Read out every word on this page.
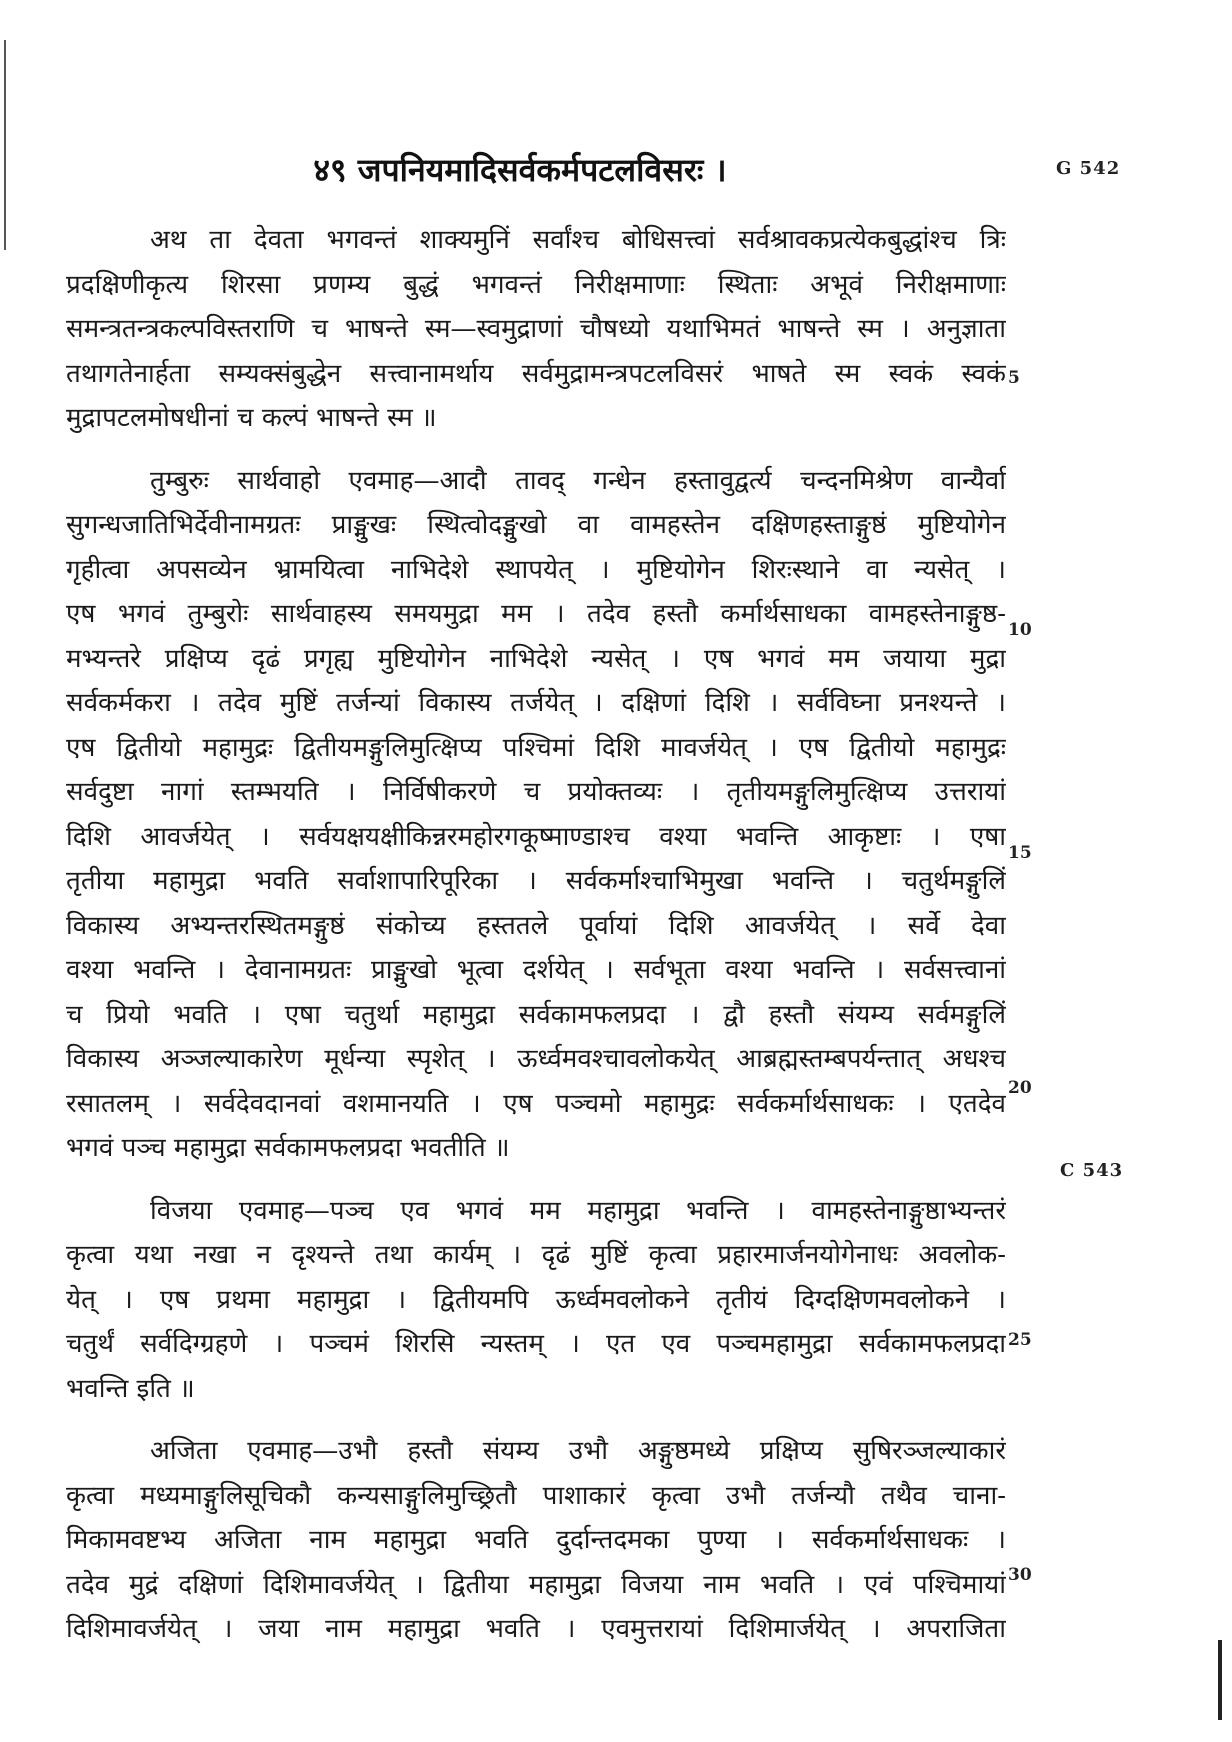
४९ जपनियमादिसर्वकर्मपटलविसरः ।	G 542
C 543
अथ ता देवता भगवन्तं शाक्यमुनिं सर्वांश्च बोधिसत्त्वां सर्वश्रावकप्रत्येकबुद्धांश्च त्रिः
प्रदक्षिणीकृत्य शिरसा प्रणम्य बुद्धं भगवन्तं निरीक्षमाणाः स्थिताः अभूवं निरीक्षमाणाः
समन्त्रतन्त्रकल्पविस्तराणि च भाषन्ते स्म—स्वमुद्राणां चौषध्यो यथाभिमतं भाषन्ते स्म । अनुज्ञाता
तथागतेनार्हता सम्यक्संबुद्धेन सत्त्वानामर्थाय सर्वमुद्रामन्त्रपटलविसरं भाषते स्म स्वकं स्वकं
मुद्रापटलमोषधीनां च कल्पं भाषन्ते स्म ॥
तुम्बुरुः सार्थवाहो एवमाह—आदौ तावद् गन्धेन हस्तावुद्वर्त्य चन्दनमिश्रेण वान्यैर्वा
सुगन्धजातिभिर्देवीनामग्रतः प्राङ्मुखः स्थित्वोदङ्मुखो वा वामहस्तेन दक्षिणहस्ताङ्गुष्ठं मुष्टियोगेन
गृहीत्वा अपसव्येन भ्रामयित्वा नाभिदेशे स्थापयेत् । मुष्टियोगेन शिरःस्थाने वा न्यसेत् ।
एष भगवं तुम्बुरोः सार्थवाहस्य समयमुद्रा मम । तदेव हस्तौ कर्मार्थसाधका वामहस्तेनाङ्गुष्ठ-
मभ्यन्तरे प्रक्षिप्य दृढं प्रगृह्य मुष्टियोगेन नाभिदेशे न्यसेत् । एष भगवं मम जयाया मुद्रा
सर्वकर्मकरा । तदेव मुष्टिं तर्जन्यां विकास्य तर्जयेत् । दक्षिणां दिशि । सर्वविघ्ना प्रनश्यन्ते ।
एष द्वितीयो महामुद्रः द्वितीयमङ्गुलिमुत्क्षिप्य पश्चिमां दिशि मावर्जयेत् । एष द्वितीयो महामुद्रः
सर्वदुष्टा नागां स्तम्भयति । निर्विषीकरणे च प्रयोक्तव्यः । तृतीयमङ्गुलिमुत्क्षिप्य उत्तरायां
दिशि आवर्जयेत् । सर्वयक्षयक्षीकिन्नरमहोरगकूष्माण्डाश्च वश्या भवन्ति आकृष्टाः । एषा
तृतीया महामुद्रा भवति सर्वाशापारिपूरिका । सर्वकर्माश्चाभिमुखा भवन्ति । चतुर्थमङ्गुलिं
विकास्य अभ्यन्तरस्थितमङ्गुष्ठं संकोच्य हस्ततले पूर्वायां दिशि आवर्जयेत् । सर्वे देवा
वश्या भवन्ति । देवानामग्रतः प्राङ्मुखो भूत्वा दर्शयेत् । सर्वभूता वश्या भवन्ति । सर्वसत्त्वानां
च प्रियो भवति । एषा चतुर्था महामुद्रा सर्वकामफलप्रदा । द्वौ हस्तौ संयम्य सर्वमङ्गुलिं
विकास्य अञ्जल्याकारेण मूर्धन्या स्पृशेत् । ऊर्ध्वमवश्चावलोकयेत् आब्रह्मस्तम्बपर्यन्तात् अधश्च
रसातलम् । सर्वदेवदानवां वशमानयति । एष पञ्चमो महामुद्रः सर्वकर्मार्थसाधकः । एतदेव
भगवं पञ्च महामुद्रा सर्वकामफलप्रदा भवतीति ॥
विजया एवमाह—पञ्च एव भगवं मम महामुद्रा भवन्ति । वामहस्तेनाङ्गुष्ठाभ्यन्तरं
कृत्वा यथा नखा न दृश्यन्ते तथा कार्यम् । दृढं मुष्टिं कृत्वा प्रहारमार्जनयोगेनाधः अवलोक-
येत् । एष प्रथमा महामुद्रा । द्वितीयमपि ऊर्ध्वमवलोकने तृतीयं दिग्दक्षिणमवलोकने ।
चतुर्थं सर्वदिग्ग्रहणे । पञ्चमं शिरसि न्यस्तम् । एत एव पञ्चमहामुद्रा सर्वकामफलप्रदा
भवन्ति इति ॥
अजिता एवमाह—उभौ हस्तौ संयम्य उभौ अङ्गुष्ठमध्ये प्रक्षिप्य सुषिरञ्जल्याकारं
कृत्वा मध्यमाङ्गुलिसूचिकौ कन्यसाङ्गुलिमुच्छ्रितौ पाशाकारं कृत्वा उभौ तर्जन्यौ तथैव चाना-
मिकामवष्टभ्य अजिता नाम महामुद्रा भवति दुर्दान्तदमका पुण्या । सर्वकर्मार्थसाधकः ।
तदेव मुद्रं दक्षिणां दिशिमावर्जयेत् । द्वितीया महामुद्रा विजया नाम भवति । एवं पश्चिमायां
दिशिमावर्जयेत् । जया नाम महामुद्रा भवति । एवमुत्तरायां दिशिमार्जयेत् । अपराजिता
5
10
15
20
25
30
